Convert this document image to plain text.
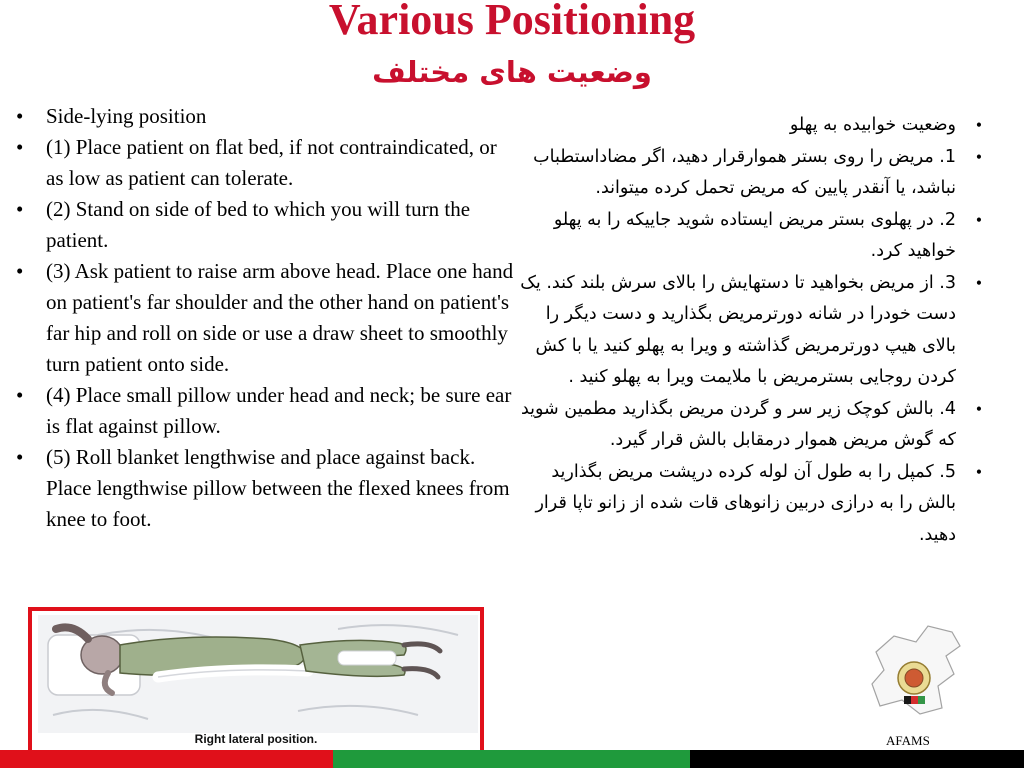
Various Positioning
وضعیت های مختلف
• Side-lying position
• (1) Place patient on flat bed, if not contraindicated, or as low as patient can tolerate.
• (2) Stand on side of bed to which you will turn the patient.
• (3) Ask patient to raise arm above head. Place one hand on patient's far shoulder and the other hand on patient's far hip and roll on side or use a draw sheet to smoothly turn patient onto side.
• (4) Place small pillow under head and neck; be sure ear is flat against pillow.
• (5) Roll blanket lengthwise and place against back. Place lengthwise pillow between the flexed knees from knee to foot.
• وضعیت خوابیده به پهلو
• 1. مریض را روی بستر هموارقرار دهید، اگر مضاداستطباب نباشد، یا آنقدر پایین که مریض تحمل کرده میتواند.
• 2. در پهلوی بستر مریض ایستاده شوید جاییکه را به پهلو خواهید کرد.
• 3. از مریض بخواهید تا دستهایش را بالای سرش بلند کند. یک دست خودرا در شانه دورترمریض بگذارید و دست دیگر را بالای هیپ دورترمریض گذاشته و ویرا به پهلو کنید یا با کش کردن روجایی بسترمریض با ملایمت ویرا به پهلو کنید .
• 4. بالش کوچک زیر سر و گردن مریض بگذارید مطمین شوید که گوش مریض هموار درمقابل بالش قرار گیرد.
• 5. کمپل را به طول آن لوله کرده درپشت مریض بگذارید بالش را به درازی دربین زانوهای قات شده از زانو تاپا قرار دهید.
Right lateral position.	AFAMS
